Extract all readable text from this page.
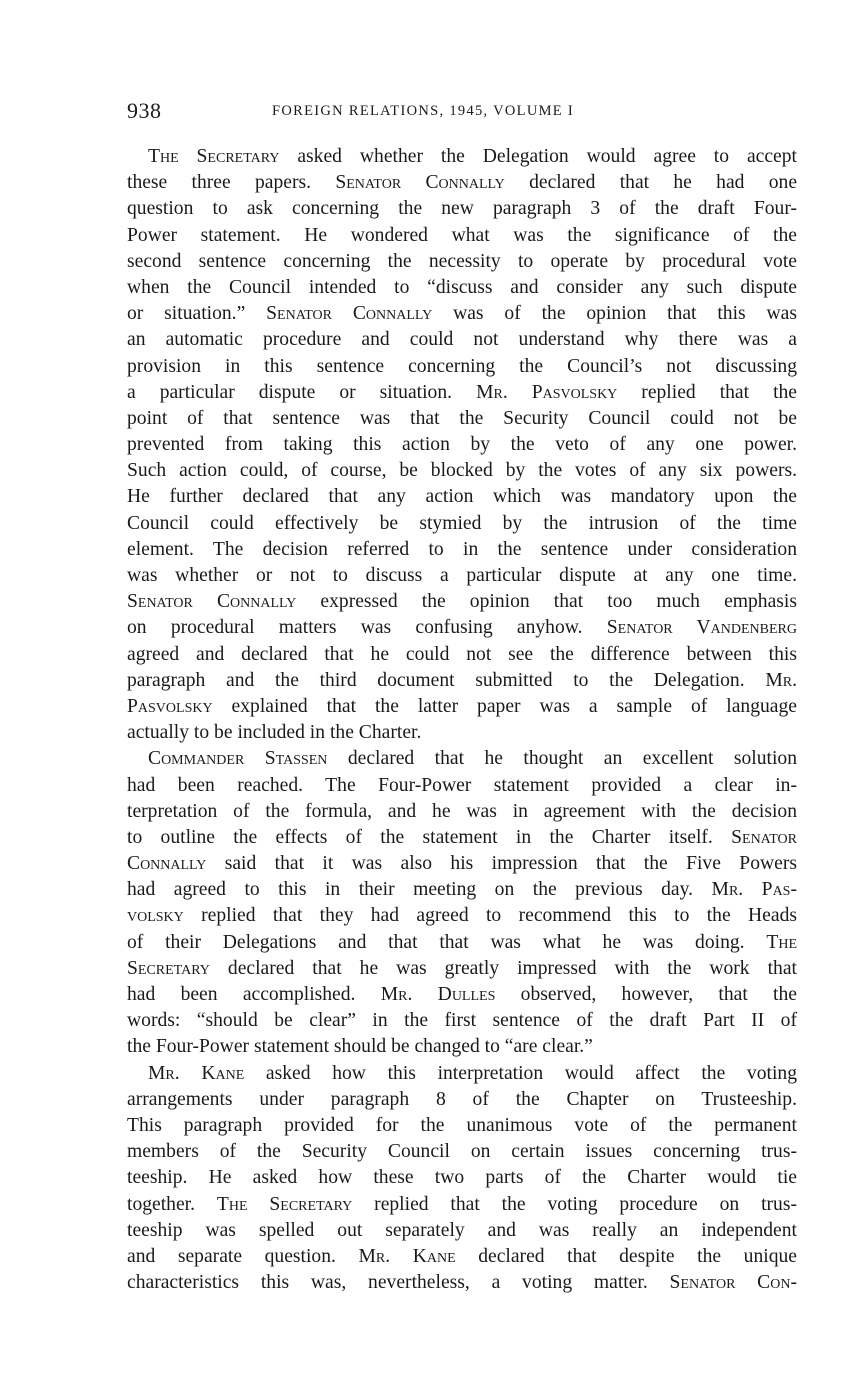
938	FOREIGN RELATIONS, 1945, VOLUME I
The Secretary asked whether the Delegation would agree to accept
these three papers. Senator Connally declared that he had one
question to ask concerning the new paragraph 3 of the draft Four-
Power statement. He wondered what was the significance of the
second sentence concerning the necessity to operate by procedural vote
when the Council intended to “discuss and consider any such dispute
or situation.” Senator Connally was of the opinion that this was
an automatic procedure and could not understand why there was a
provision in this sentence concerning the Council’s not discussing
a particular dispute or situation. Mr. Pasvolsky replied that the
point of that sentence was that the Security Council could not be
prevented from taking this action by the veto of any one power.
Such action could, of course, be blocked by the votes of any six powers.
He further declared that any action which was mandatory upon the
Council could effectively be stymied by the intrusion of the time
element. The decision referred to in the sentence under consideration
was whether or not to discuss a particular dispute at any one time.
Senator Connally expressed the opinion that too much emphasis
on procedural matters was confusing anyhow. Senator Vandenberg
agreed and declared that he could not see the difference between this
paragraph and the third document submitted to the Delegation. Mr.
Pasvolsky explained that the latter paper was a sample of language
actually to be included in the Charter.
Commander Stassen declared that he thought an excellent solution
had been reached. The Four-Power statement provided a clear in-
terpretation of the formula, and he was in agreement with the decision
to outline the effects of the statement in the Charter itself. Senator
Connally said that it was also his impression that the Five Powers
had agreed to this in their meeting on the previous day. Mr. Pas-
volsky replied that they had agreed to recommend this to the Heads
of their Delegations and that that was what he was doing. The
Secretary declared that he was greatly impressed with the work that
had been accomplished. Mr. Dulles observed, however, that the
words: “should be clear” in the first sentence of the draft Part II of
the Four-Power statement should be changed to “are clear.”
Mr. Kane asked how this interpretation would affect the voting
arrangements under paragraph 8 of the Chapter on Trusteeship.
This paragraph provided for the unanimous vote of the permanent
members of the Security Council on certain issues concerning trus-
teeship. He asked how these two parts of the Charter would tie
together. The Secretary replied that the voting procedure on trus-
teeship was spelled out separately and was really an independent
and separate question. Mr. Kane declared that despite the unique
characteristics this was, nevertheless, a voting matter. Senator Con-
